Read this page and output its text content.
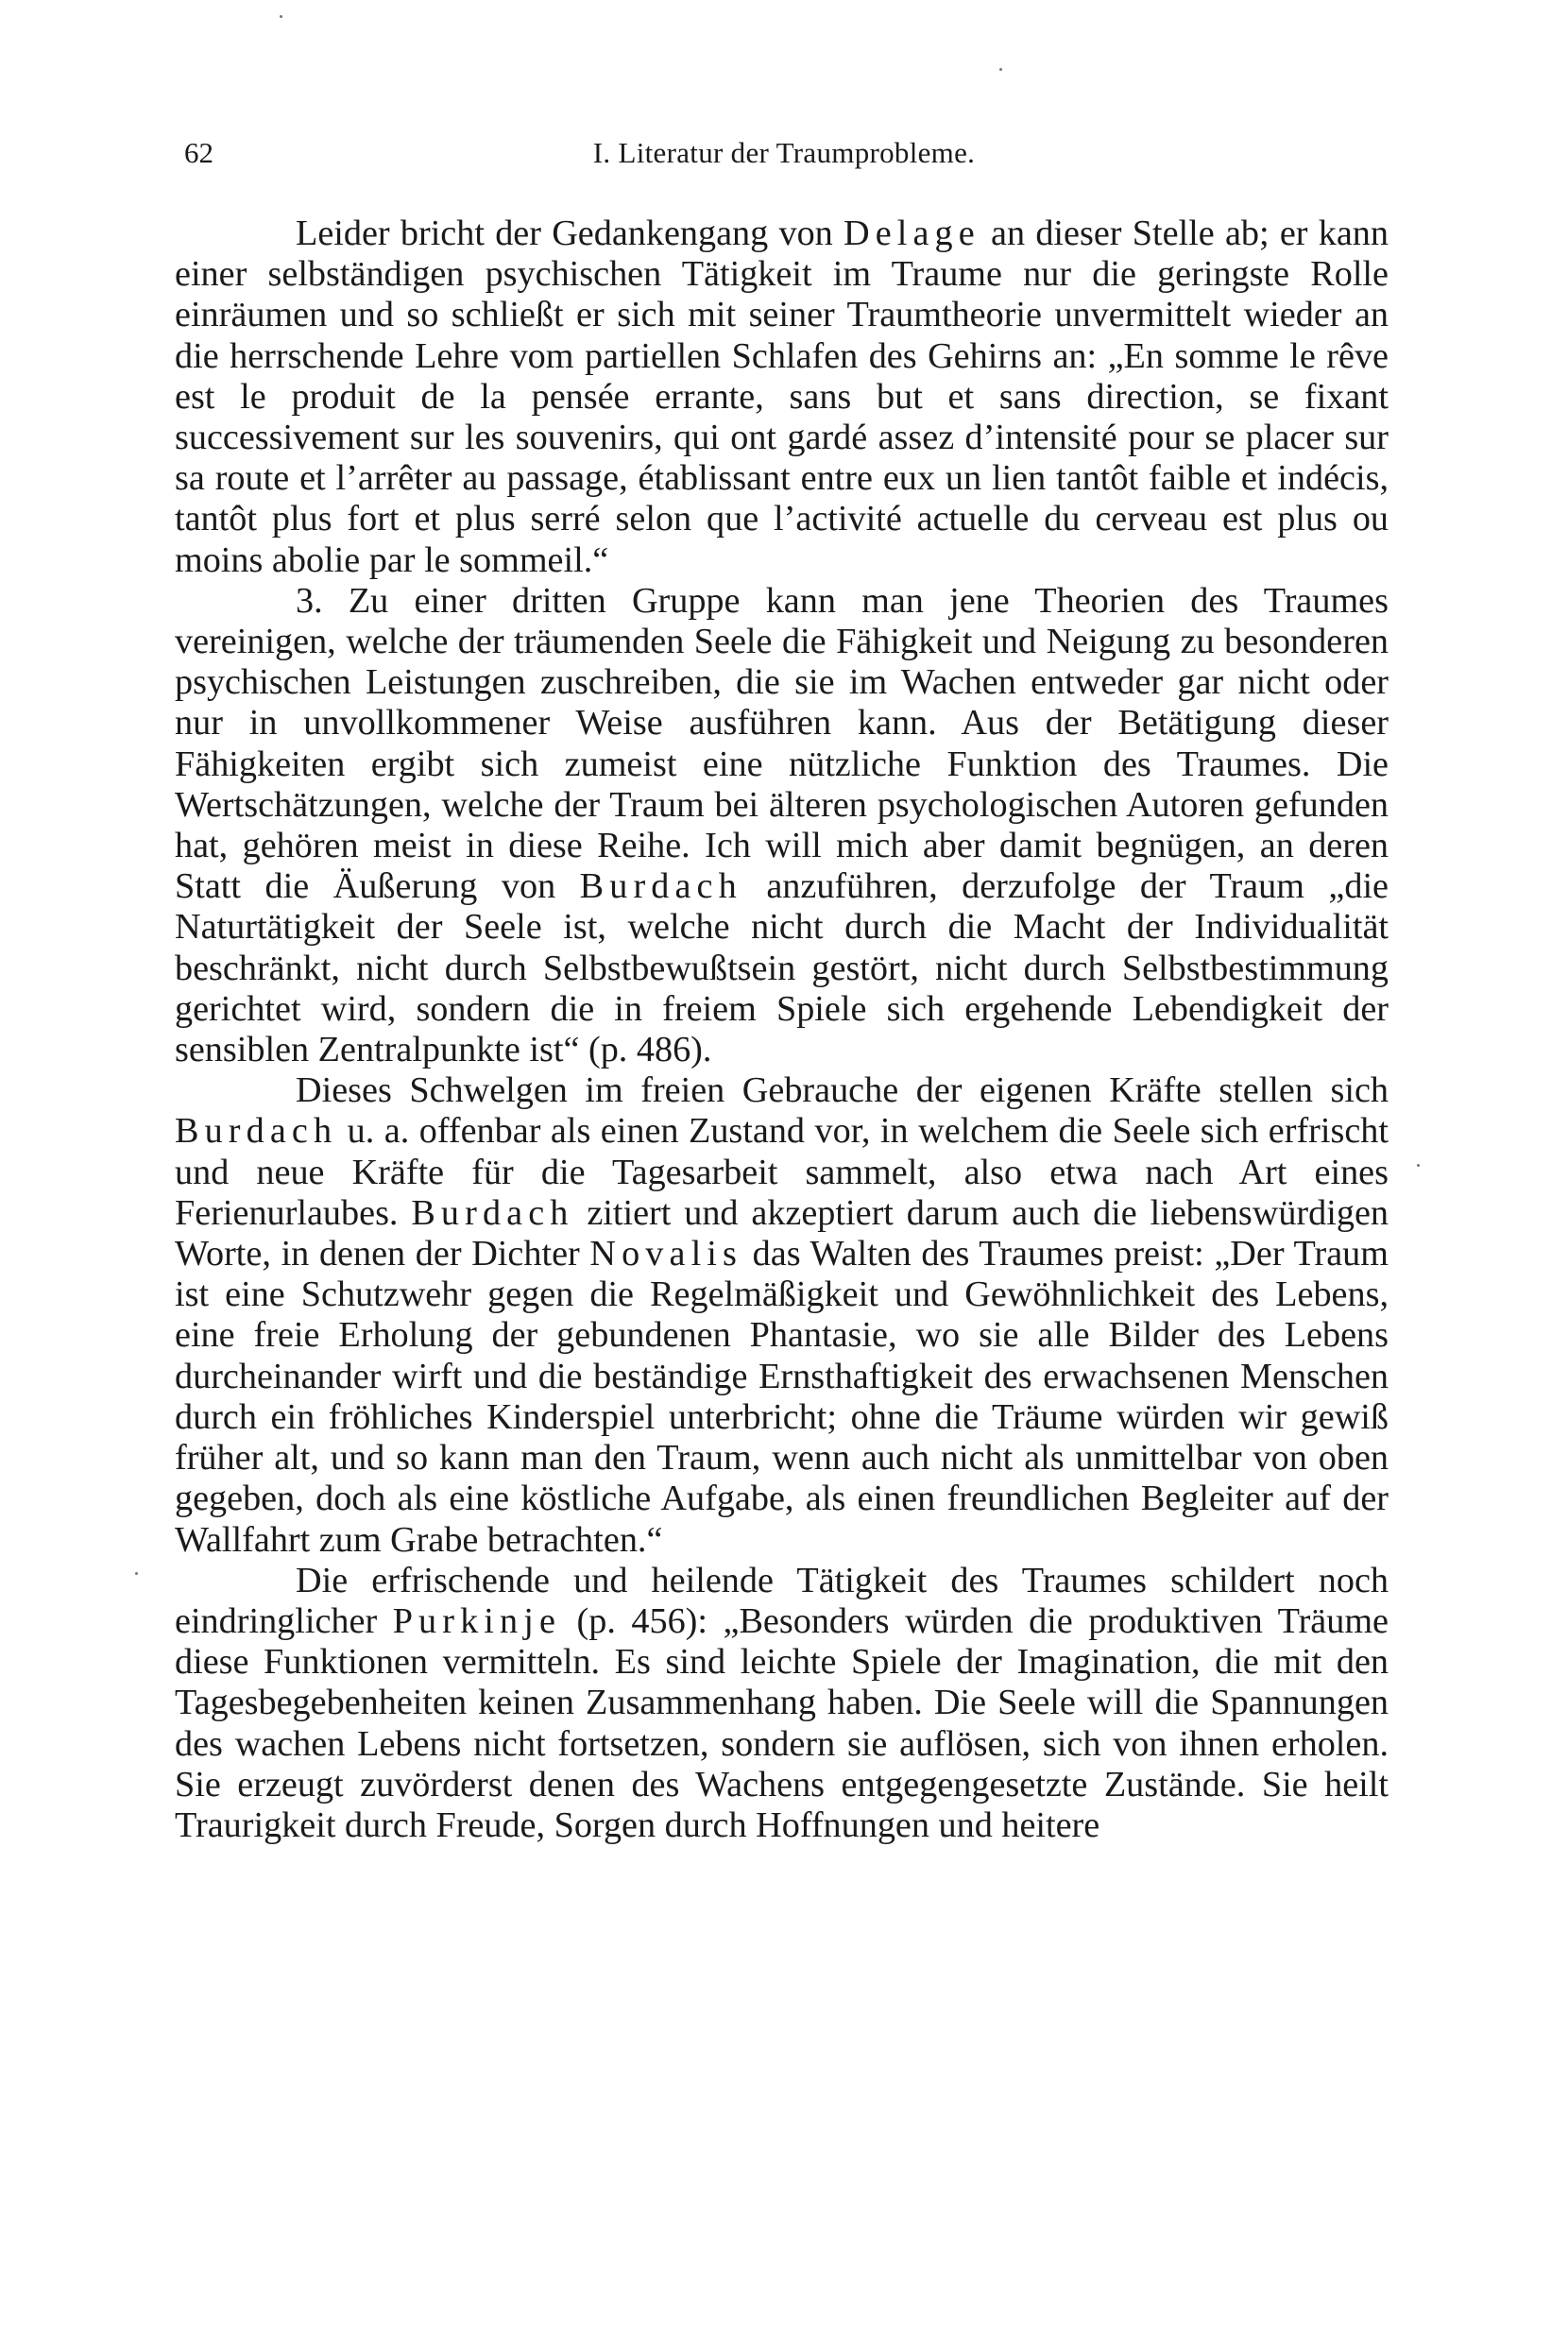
62	I. Literatur der Traumprobleme.

Leider bricht der Gedankengang von Delage an dieser Stelle ab; er kann einer selbständigen psychischen Tätigkeit im Traume nur die geringste Rolle einräumen und so schließt er sich mit seiner Traumtheorie unvermittelt wieder an die herrschende Lehre vom partiellen Schlafen des Gehirns an: „En somme le rêve est le produit de la pensée errante, sans but et sans direction, se fixant successivement sur les souvenirs, qui ont gardé assez d’intensité pour se placer sur sa route et l’arrêter au passage, établissant entre eux un lien tantôt faible et indécis, tantôt plus fort et plus serré selon que l’activité actuelle du cerveau est plus ou moins abolie par le sommeil.“

3. Zu einer dritten Gruppe kann man jene Theorien des Traumes vereinigen, welche der träumenden Seele die Fähigkeit und Neigung zu besonderen psychischen Leistungen zuschreiben, die sie im Wachen entweder gar nicht oder nur in unvollkommener Weise ausführen kann. Aus der Betätigung dieser Fähigkeiten ergibt sich zumeist eine nützliche Funktion des Traumes. Die Wertschätzungen, welche der Traum bei älteren psychologischen Autoren gefunden hat, gehören meist in diese Reihe. Ich will mich aber damit begnügen, an deren Statt die Äußerung von Burdach anzuführen, derzufolge der Traum „die Naturtätigkeit der Seele ist, welche nicht durch die Macht der Individualität beschränkt, nicht durch Selbstbewußtsein gestört, nicht durch Selbstbestimmung gerichtet wird, sondern die in freiem Spiele sich ergehende Lebendigkeit der sensiblen Zentralpunkte ist“ (p. 486).

Dieses Schwelgen im freien Gebrauche der eigenen Kräfte stellen sich Burdach u. a. offenbar als einen Zustand vor, in welchem die Seele sich erfrischt und neue Kräfte für die Tagesarbeit sammelt, also etwa nach Art eines Ferienurlaubes. Burdach zitiert und akzeptiert darum auch die liebenswürdigen Worte, in denen der Dichter Novalis das Walten des Traumes preist: „Der Traum ist eine Schutzwehr gegen die Regelmäßigkeit und Gewöhnlichkeit des Lebens, eine freie Erholung der gebundenen Phantasie, wo sie alle Bilder des Lebens durcheinander wirft und die beständige Ernsthaftigkeit des erwachsenen Menschen durch ein fröhliches Kinderspiel unterbricht; ohne die Träume würden wir gewiß früher alt, und so kann man den Traum, wenn auch nicht als unmittelbar von oben gegeben, doch als eine köstliche Aufgabe, als einen freundlichen Begleiter auf der Wallfahrt zum Grabe betrachten.“

Die erfrischende und heilende Tätigkeit des Traumes schildert noch eindringlicher Purkinje (p. 456): „Besonders würden die produktiven Träume diese Funktionen vermitteln. Es sind leichte Spiele der Imagination, die mit den Tagesbegebenheiten keinen Zusammenhang haben. Die Seele will die Spannungen des wachen Lebens nicht fortsetzen, sondern sie auflösen, sich von ihnen erholen. Sie erzeugt zuvörderst denen des Wachens entgegengesetzte Zustände. Sie heilt Traurigkeit durch Freude, Sorgen durch Hoffnungen und heitere
